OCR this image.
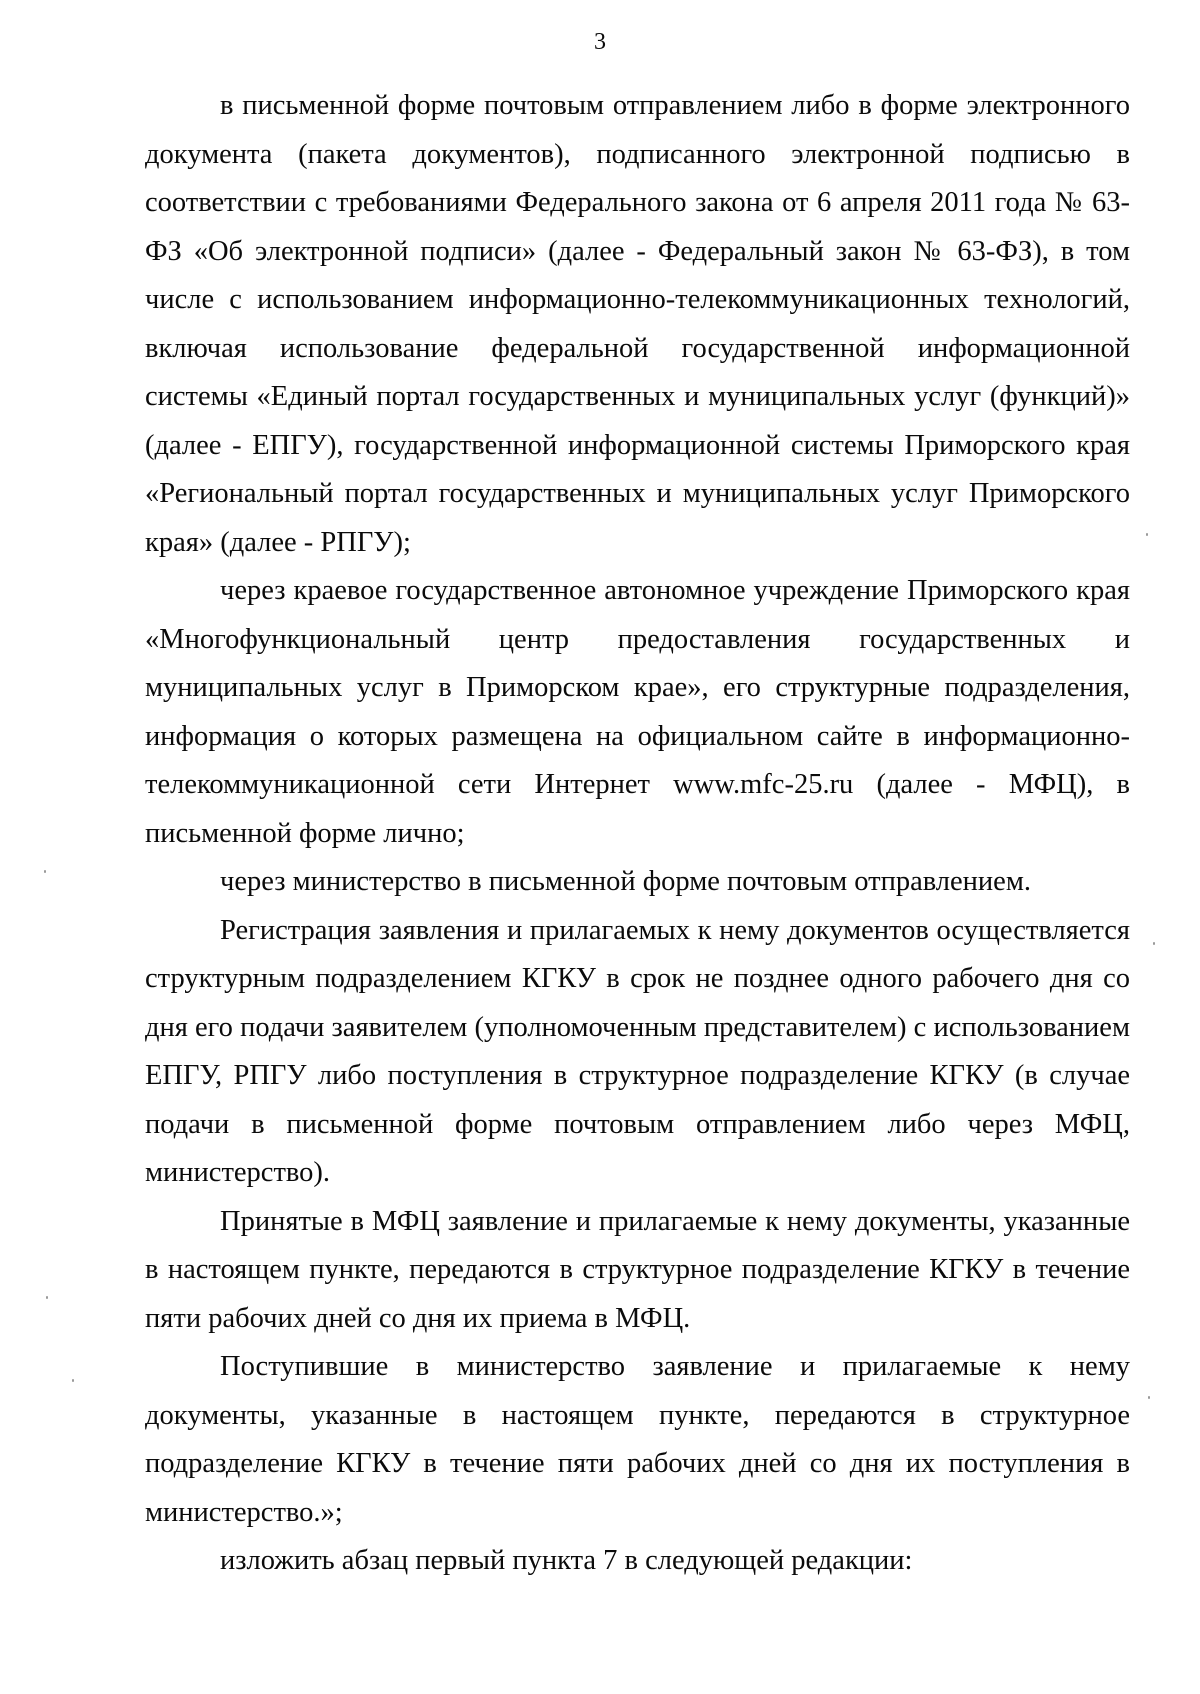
3

в письменной форме почтовым отправлением либо в форме электронного документа (пакета документов), подписанного электронной подписью в соответствии с требованиями Федерального закона от 6 апреля 2011 года № 63-ФЗ «Об электронной подписи» (далее - Федеральный закон № 63-ФЗ), в том числе с использованием информационно-телекоммуникационных технологий, включая использование федеральной государственной информационной системы «Единый портал государственных и муниципальных услуг (функций)» (далее - ЕПГУ), государственной информационной системы Приморского края «Региональный портал государственных и муниципальных услуг Приморского края» (далее - РПГУ);

через краевое государственное автономное учреждение Приморского края «Многофункциональный центр предоставления государственных и муниципальных услуг в Приморском крае», его структурные подразделения, информация о которых размещена на официальном сайте в информационно-телекоммуникационной сети Интернет www.mfc-25.ru (далее - МФЦ), в письменной форме лично;

через министерство в письменной форме почтовым отправлением.

Регистрация заявления и прилагаемых к нему документов осуществляется структурным подразделением КГКУ в срок не позднее одного рабочего дня со дня его подачи заявителем (уполномоченным представителем) с использованием ЕПГУ, РПГУ либо поступления в структурное подразделение КГКУ (в случае подачи в письменной форме почтовым отправлением либо через МФЦ, министерство).

Принятые в МФЦ заявление и прилагаемые к нему документы, указанные в настоящем пункте, передаются в структурное подразделение КГКУ в течение пяти рабочих дней со дня их приема в МФЦ.

Поступившие в министерство заявление и прилагаемые к нему документы, указанные в настоящем пункте, передаются в структурное подразделение КГКУ в течение пяти рабочих дней со дня их поступления в министерство.»;

изложить абзац первый пункта 7 в следующей редакции:
